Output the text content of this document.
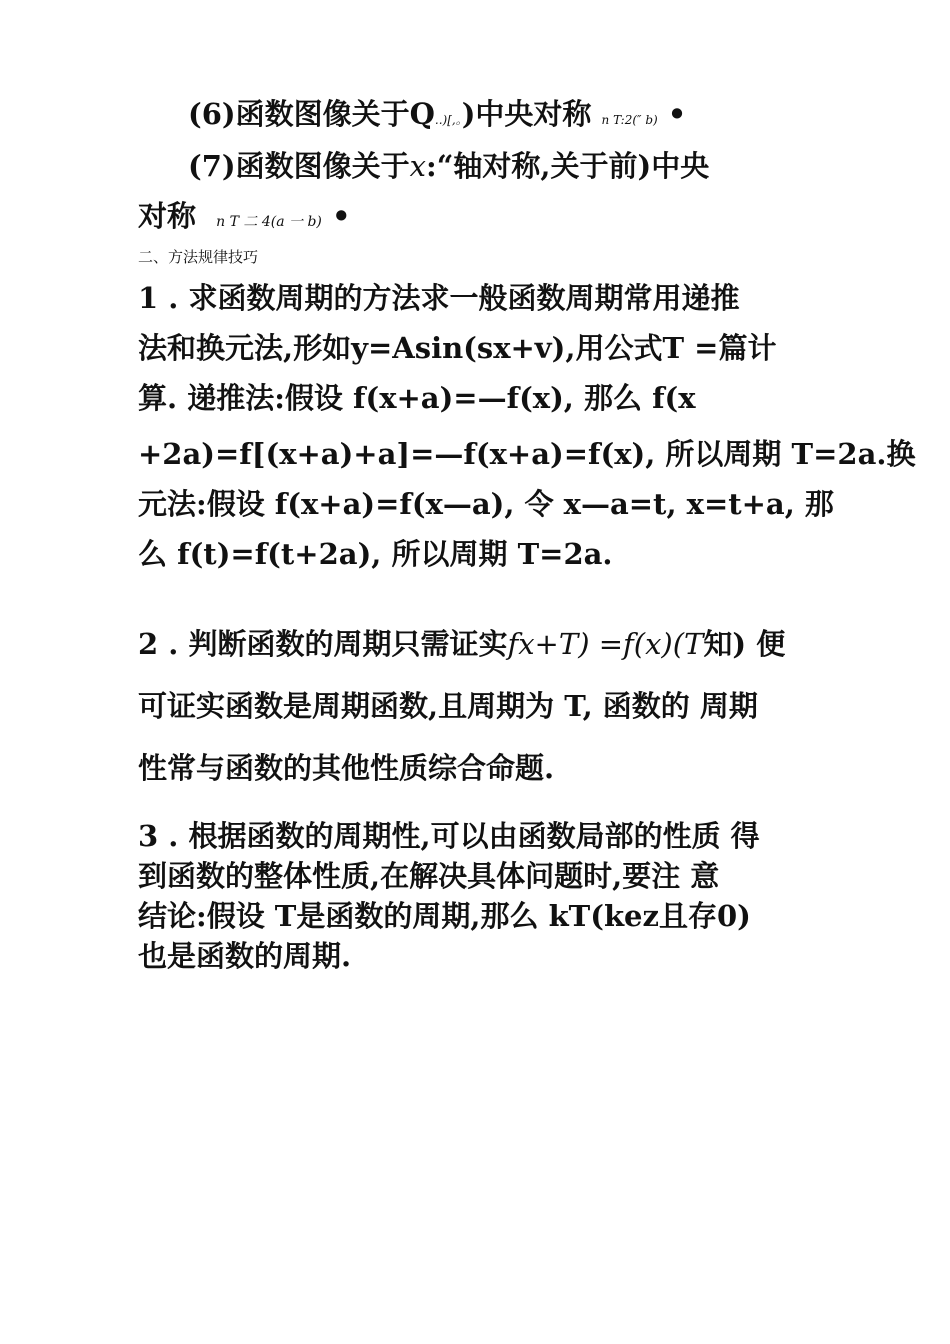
(6)函数图像关于Q..)[,。)中央对称 n T:2(″ b) •
(7)函数图像关于x:“轴对称,关于前)中央
对称 n T 二 4(a 一 b) •
二、方法规律技巧
1 . 求函数周期的方法求一般函数周期常用递推
法和换元法,形如y=Asin(sx+v),用公式T =篇计
算. 递推法:假设 f(x+a)=—f(x), 那么 f(x
+2a)=f[(x+a)+a]=—f(x+a)=f(x), 所以周期 T=2a.换
元法:假设 f(x+a)=f(x—a), 令 x—a=t, x=t+a, 那
么 f(t)=f(t+2a), 所以周期 T=2a.
2 . 判断函数的周期只需证实fx+T) =f(x)(T知) 便
可证实函数是周期函数,且周期为 T, 函数的 周期
性常与函数的其他性质综合命题.
3 . 根据函数的周期性,可以由函数局部的性质 得
到函数的整体性质,在解决具体问题时,要注 意
结论:假设 T是函数的周期,那么 kT(kez且存0)
也是函数的周期.
